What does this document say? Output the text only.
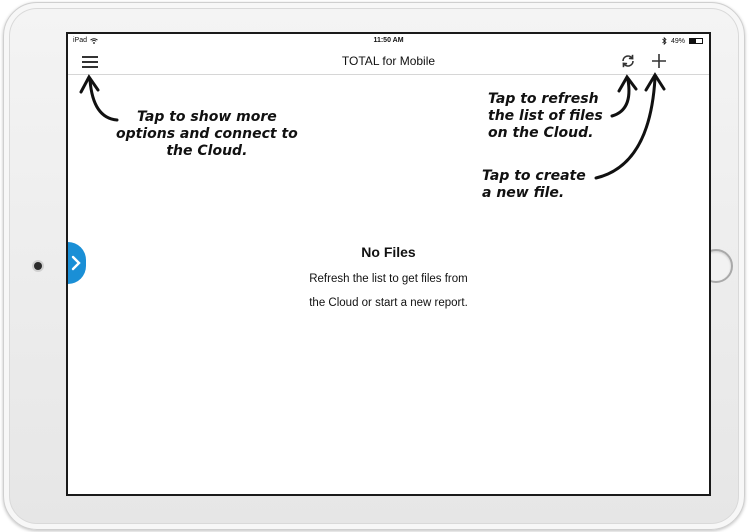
iPad	11:50 AM	49%
TOTAL for Mobile
No Files
Refresh the list to get files from
the Cloud or start a new report.
Tap to show more
options and connect to
the Cloud.
Tap to refresh
the list of files
on the Cloud.
Tap to create
a new file.
